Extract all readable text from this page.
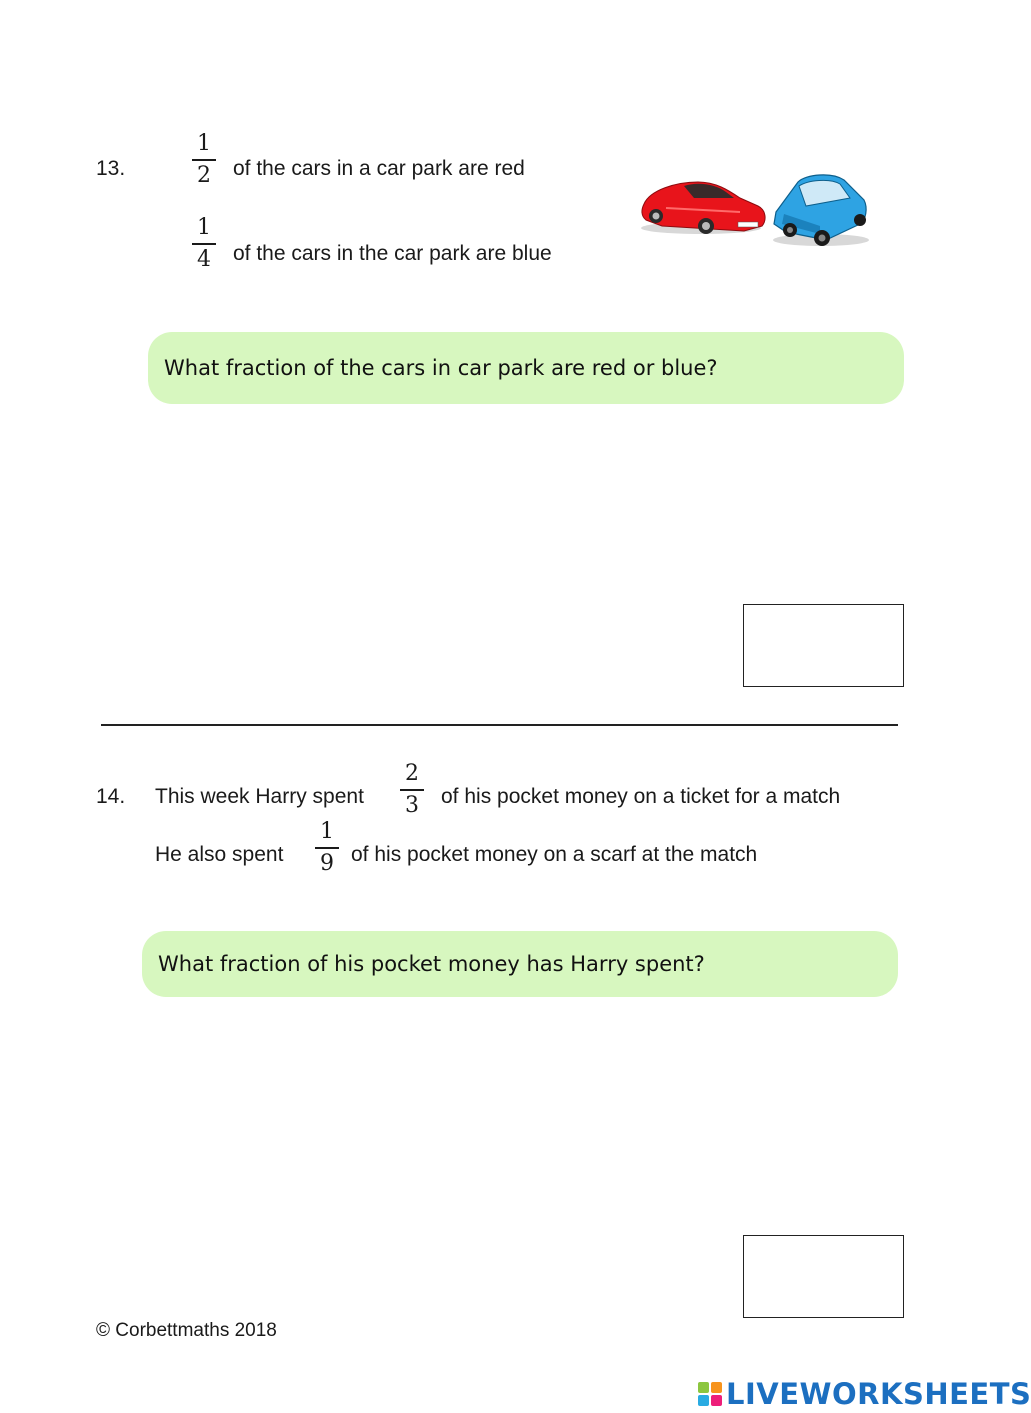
13.
1
2 of the cars in a car park are red
1
4 of the cars in the car park are blue
What fraction of the cars in car park are red or blue?
14. This week Harry spent
2
3 of his pocket money on a ticket for a match
He also spent
1
9 of his pocket money on a scarf at the match
What fraction of his pocket money has Harry spent?
© Corbettmaths 2018
LIVEWORKSHEETS
